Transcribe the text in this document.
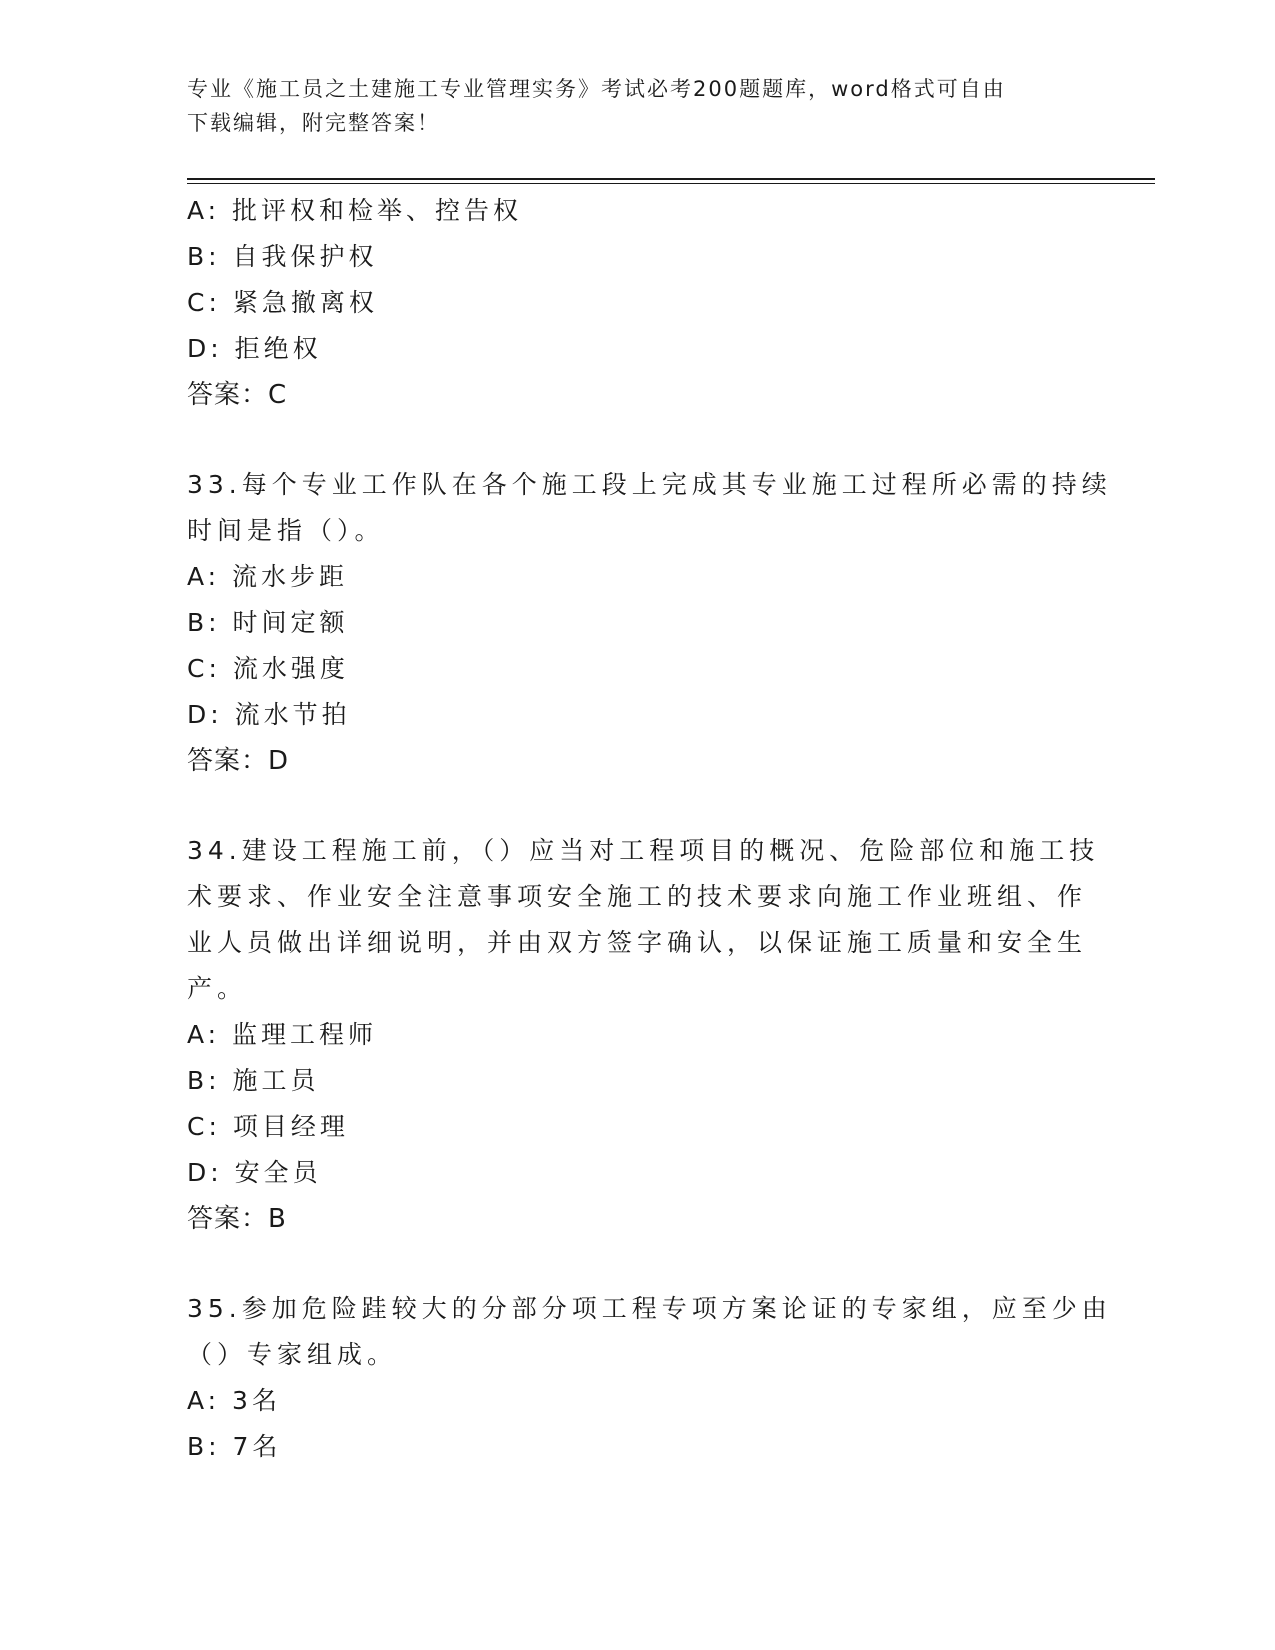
专业《施工员之土建施工专业管理实务》考试必考200题题库，word格式可自由
下载编辑，附完整答案！
A: 批评权和检举、控告权
B: 自我保护权
C: 紧急撤离权
D: 拒绝权
答案：C
33.每个专业工作队在各个施工段上完成其专业施工过程所必需的持续
时间是指（）。
A: 流水步距
B: 时间定额
C: 流水强度
D: 流水节拍
答案：D
34.建设工程施工前，（）应当对工程项目的概况、危险部位和施工技
术要求、作业安全注意事项安全施工的技术要求向施工作业班组、作
业人员做出详细说明，并由双方签字确认，以保证施工质量和安全生
产。
A: 监理工程师
B: 施工员
C: 项目经理
D: 安全员
答案：B
35.参加危险跬较大的分部分项工程专项方案论证的专家组，应至少由
（）专家组成。
A: 3名
B: 7名
